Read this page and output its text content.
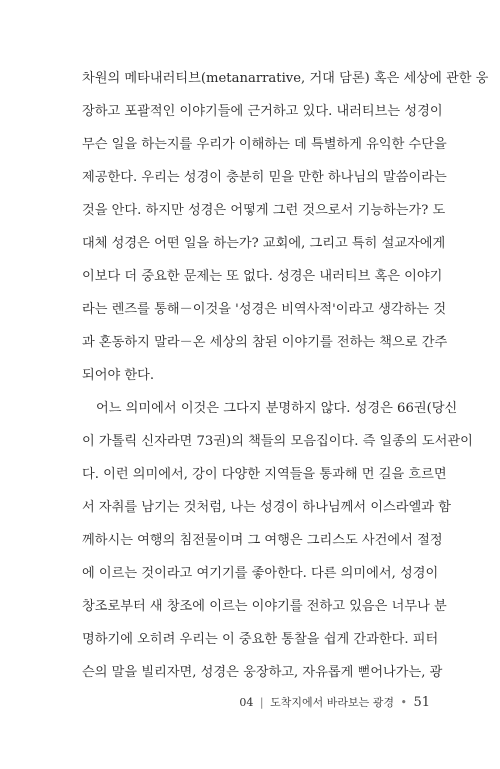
차원의 메타내러티브(metanarrative, 거대 담론) 혹은 세상에 관한 웅
장하고 포괄적인 이야기들에 근거하고 있다. 내러티브는 성경이
무슨 일을 하는지를 우리가 이해하는 데 특별하게 유익한 수단을
제공한다. 우리는 성경이 충분히 믿을 만한 하나님의 말씀이라는
것을 안다. 하지만 성경은 어떻게 그런 것으로서 기능하는가? 도
대체 성경은 어떤 일을 하는가? 교회에, 그리고 특히 설교자에게
이보다 더 중요한 문제는 또 없다. 성경은 내러티브 혹은 이야기
라는 렌즈를 통해－이것을 '성경은 비역사적'이라고 생각하는 것
과 혼동하지 말라－온 세상의 참된 이야기를 전하는 책으로 간주
되어야 한다.
어느 의미에서 이것은 그다지 분명하지 않다. 성경은 66권(당신
이 가톨릭 신자라면 73권)의 책들의 모음집이다. 즉 일종의 도서관이
다. 이런 의미에서, 강이 다양한 지역들을 통과해 먼 길을 흐르면
서 자취를 남기는 것처럼, 나는 성경이 하나님께서 이스라엘과 함
께하시는 여행의 침전물이며 그 여행은 그리스도 사건에서 절정
에 이르는 것이라고 여기기를 좋아한다. 다른 의미에서, 성경이
창조로부터 새 창조에 이르는 이야기를 전하고 있음은 너무나 분
명하기에 오히려 우리는 이 중요한 통찰을 쉽게 간과한다. 피터
슨의 말을 빌리자면, 성경은 웅장하고, 자유롭게 뻗어나가는, 광
04 | 도착지에서 바라보는 광경 • 51
